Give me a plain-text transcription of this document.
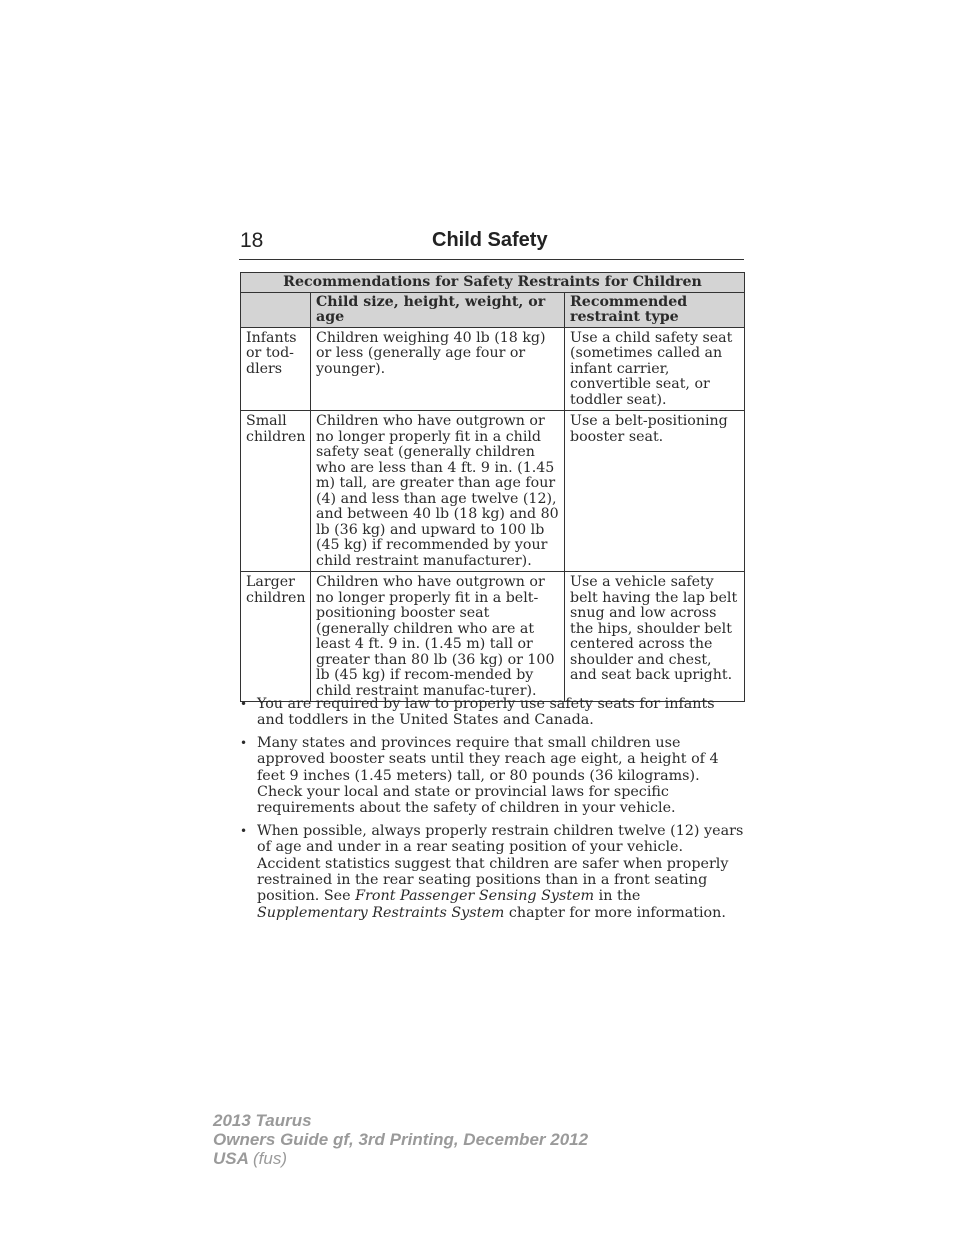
18	Child Safety
Recommendations for Safety Restraints for Children		
	Child size, height, weight, or age	Recommended restraint type
Infants or tod-dlers	Children weighing 40 lb (18 kg) or less (generally age four or younger).	Use a child safety seat (sometimes called an infant carrier, convertible seat, or toddler seat).
Small children	Children who have outgrown or no longer properly fit in a child safety seat (generally children who are less than 4 ft. 9 in. (1.45 m) tall, are greater than age four (4) and less than age twelve (12), and between 40 lb (18 kg) and 80 lb (36 kg) and upward to 100 lb (45 kg) if recommended by your child restraint manufacturer).	Use a belt-positioning booster seat.
Larger children	Children who have outgrown or no longer properly fit in a belt-positioning booster seat (generally children who are at least 4 ft. 9 in. (1.45 m) tall or greater than 80 lb (36 kg) or 100 lb (45 kg) if recom-mended by child restraint manufac-turer).	Use a vehicle safety belt having the lap belt snug and low across the hips, shoulder belt centered across the shoulder and chest, and seat back upright.
• You are required by law to properly use safety seats for infants and toddlers in the United States and Canada.
• Many states and provinces require that small children use approved booster seats until they reach age eight, a height of 4 feet 9 inches (1.45 meters) tall, or 80 pounds (36 kilograms). Check your local and state or provincial laws for specific requirements about the safety of children in your vehicle.
• When possible, always properly restrain children twelve (12) years of age and under in a rear seating position of your vehicle. Accident statistics suggest that children are safer when properly restrained in the rear seating positions than in a front seating position. See Front Passenger Sensing System in the Supplementary Restraints System chapter for more information.
2013 Taurus
Owners Guide gf, 3rd Printing, December 2012
USA (fus)
